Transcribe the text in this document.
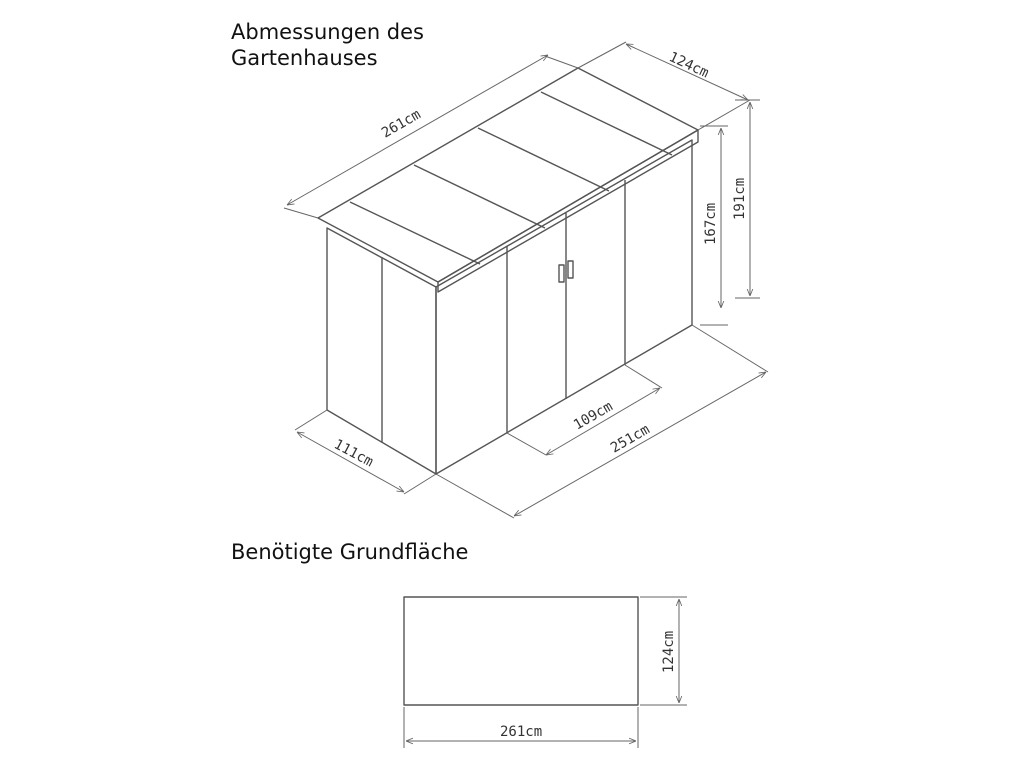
Abmessungen des
Gartenhauses
Benötigte Grundfläche
261cm
124cm
167cm
191cm
111cm
109cm
251cm
124cm
261cm
